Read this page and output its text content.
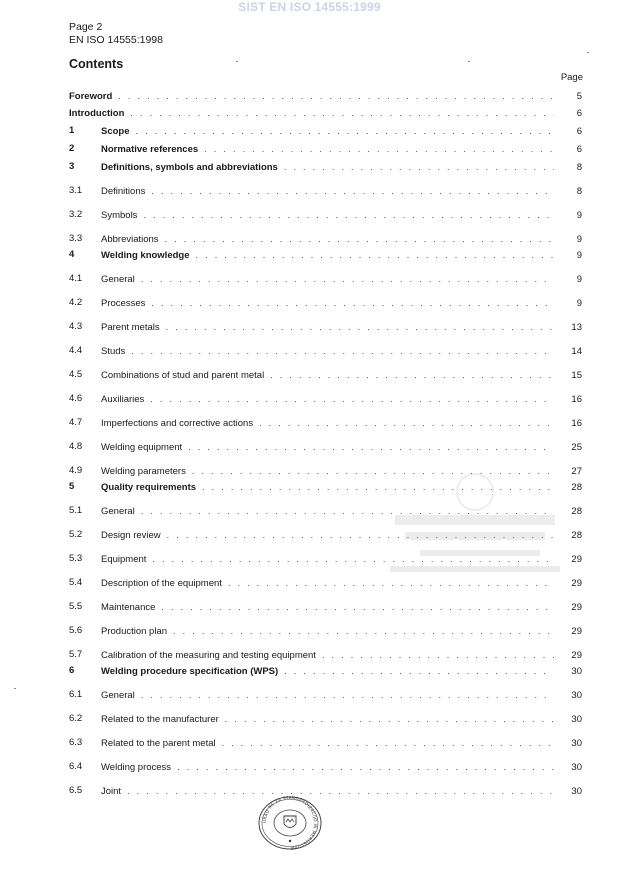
SIST EN ISO 14555:1999
Page 2
EN ISO 14555:1998
Contents
Page
Foreword . . .	5
Introduction . . .	6
1	Scope . . .	6
2	Normative references . . .	6
3	Definitions, symbols and abbreviations . . .	8
3.1 Definitions . . .	8
3.2 Symbols . . .	9
3.3 Abbreviations . . .	9
4	Welding knowledge . . .	9
4.1 General . . .	9
4.2 Processes . . .	9
4.3 Parent metals . . .	13
4.4 Studs . . .	14
4.5 Combinations of stud and parent metal . . .	15
4.6 Auxiliaries . . .	16
4.7 Imperfections and corrective actions . . .	16
4.8 Welding equipment . . .	25
4.9 Welding parameters . . .	27
5	Quality requirements . . .	28
5.1 General . . .	28
5.2 Design review . . .	28
5.3 Equipment . . .	29
5.4 Description of the equipment . . .	29
5.5 Maintenance . . .	29
5.6 Production plan . . .	29
5.7 Calibration of the measuring and testing equipment . . .	29
6	Welding procedure specification (WPS) . . .	30
6.1 General . . .	30
6.2 Related to the manufacturer . . .	30
6.3 Related to the parent metal . . .	30
6.4 Welding process . . .	30
6.5 Joint . . .	30
URAD RS ZA STANDARDIZACIJO IN MEROSLOVJE
